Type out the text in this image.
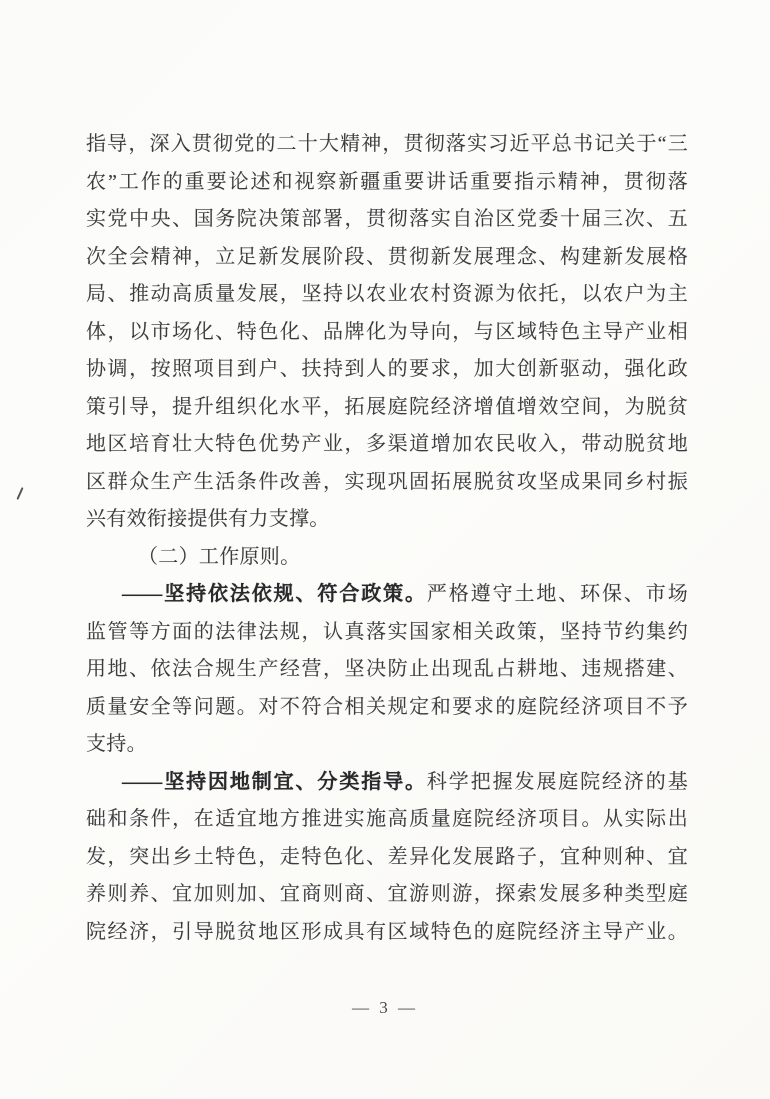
指导，深入贯彻党的二十大精神，贯彻落实习近平总书记关于“三
农”工作的重要论述和视察新疆重要讲话重要指示精神，贯彻落
实党中央、国务院决策部署，贯彻落实自治区党委十届三次、五
次全会精神，立足新发展阶段、贯彻新发展理念、构建新发展格
局、推动高质量发展，坚持以农业农村资源为依托，以农户为主
体，以市场化、特色化、品牌化为导向，与区域特色主导产业相
协调，按照项目到户、扶持到人的要求，加大创新驱动，强化政
策引导，提升组织化水平，拓展庭院经济增值增效空间，为脱贫
地区培育壮大特色优势产业，多渠道增加农民收入，带动脱贫地
区群众生产生活条件改善，实现巩固拓展脱贫攻坚成果同乡村振
兴有效衔接提供有力支撑。
（二）工作原则。
——坚持依法依规、符合政策。严格遵守土地、环保、市场
监管等方面的法律法规，认真落实国家相关政策，坚持节约集约
用地、依法合规生产经营，坚决防止出现乱占耕地、违规搭建、
质量安全等问题。对不符合相关规定和要求的庭院经济项目不予
支持。
——坚持因地制宜、分类指导。科学把握发展庭院经济的基
础和条件，在适宜地方推进实施高质量庭院经济项目。从实际出
发，突出乡土特色，走特色化、差异化发展路子，宜种则种、宜
养则养、宜加则加、宜商则商、宜游则游，探索发展多种类型庭
院经济，引导脱贫地区形成具有区域特色的庭院经济主导产业。
— 3 —
